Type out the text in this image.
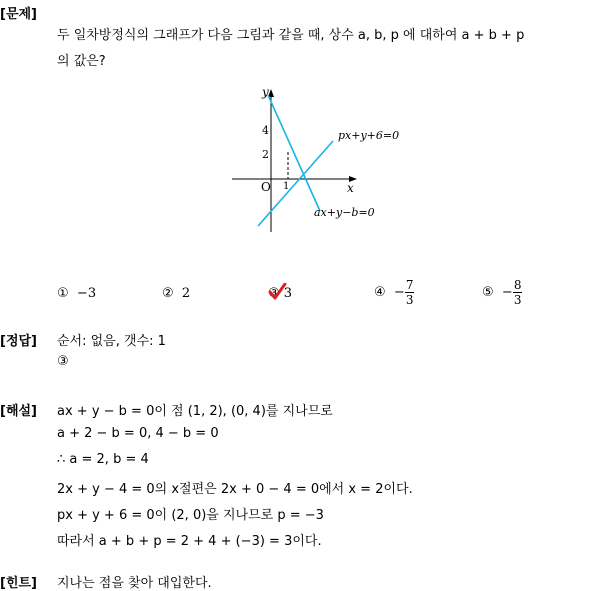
[문제]
두 일차방정식의 그래프가 다음 그림과 같을 때, 상수 a, b, p 에 대하여 a + b + p
의 값은?
y
x
O 1
2
4	px+y+6=0
ax+y−b=0
① −3	② 2	③ 3	④ − $\frac{7}{3}$	⑤ − $\frac{8}{3}$
[정답] 순서: 없음, 갯수: 1
③
[해설] ax + y − b = 0이 점 (1, 2), (0, 4)를 지나므로
a + 2 − b = 0, 4 − b = 0
∴ a = 2, b = 4
2x + y − 4 = 0의 x절편은 2x + 0 − 4 = 0에서 x = 2이다.
px + y + 6 = 0이 (2, 0)을 지나므로 p = −3
따라서 a + b + p = 2 + 4 + (−3) = 3이다.
[힌트] 지나는 점을 찾아 대입한다.
